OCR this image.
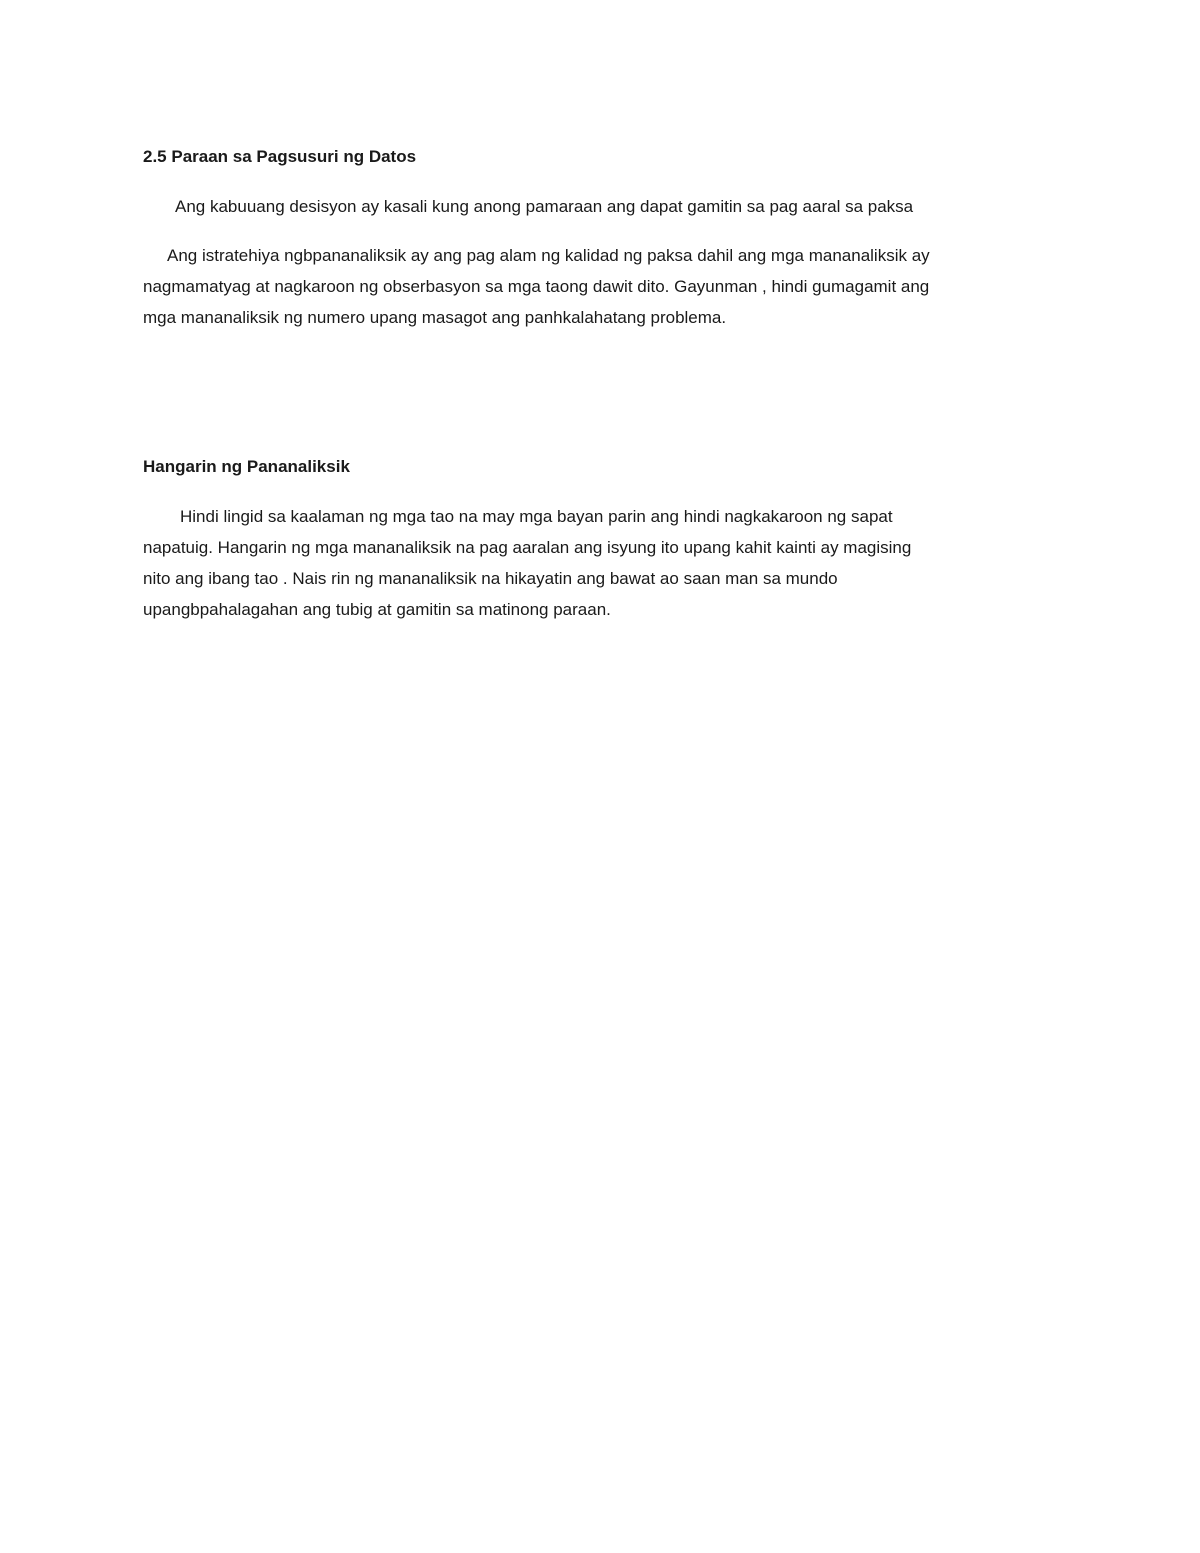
2.5 Paraan sa Pagsusuri ng Datos

Ang kabuuang desisyon ay kasali kung anong pamaraan ang dapat gamitin sa pag aaral sa paksa

Ang istratehiya ngbpananaliksik ay ang pag alam ng kalidad ng paksa dahil ang mga mananaliksik ay
nagmamatyag at nagkaroon ng obserbasyon sa mga taong dawit dito. Gayunman , hindi gumagamit ang
mga mananaliksik ng numero upang masagot ang panhkalahatang problema.

Hangarin ng Pananaliksik

Hindi lingid sa kaalaman ng mga tao na may mga bayan parin ang hindi nagkakaroon ng sapat
napatuig. Hangarin ng mga mananaliksik na pag aaralan ang isyung ito upang kahit kainti ay magising
nito ang ibang tao . Nais rin ng mananaliksik na hikayatin ang bawat ao saan man sa mundo
upangbpahalagahan ang tubig at gamitin sa matinong paraan.
